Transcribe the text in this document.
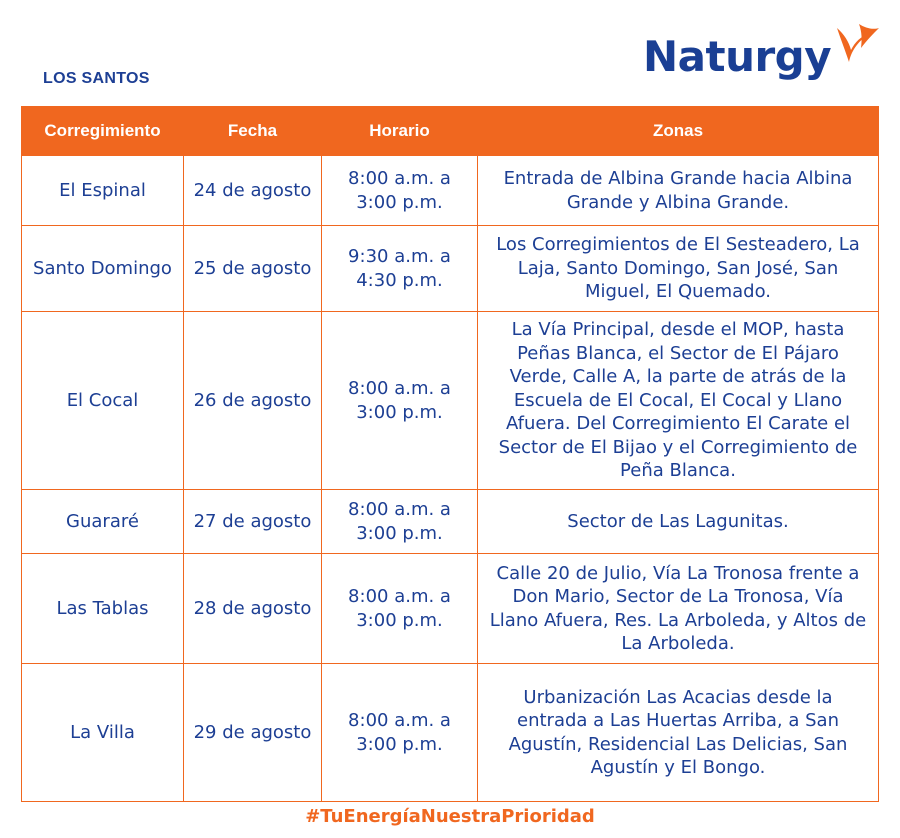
LOS SANTOS	Naturgy
Corregimiento	Fecha	Horario	Zonas
El Espinal	24 de agosto	8:00 a.m. a 3:00 p.m.	Entrada de Albina Grande hacia Albina Grande y Albina Grande.
Santo Domingo	25 de agosto	9:30 a.m. a 4:30 p.m.	Los Corregimientos de El Sesteadero, La Laja, Santo Domingo, San José, San Miguel, El Quemado.
El Cocal	26 de agosto	8:00 a.m. a 3:00 p.m.	La Vía Principal, desde el MOP, hasta Peñas Blanca, el Sector de El Pájaro Verde, Calle A, la parte de atrás de la Escuela de El Cocal, El Cocal y Llano Afuera. Del Corregimiento El Carate el Sector de El Bijao y el Corregimiento de Peña Blanca.
Guararé	27 de agosto	8:00 a.m. a 3:00 p.m.	Sector de Las Lagunitas.
Las Tablas	28 de agosto	8:00 a.m. a 3:00 p.m.	Calle 20 de Julio, Vía La Tronosa frente a Don Mario, Sector de La Tronosa, Vía Llano Afuera, Res. La Arboleda, y Altos de La Arboleda.
La Villa	29 de agosto	8:00 a.m. a 3:00 p.m.	Urbanización Las Acacias desde la entrada a Las Huertas Arriba, a San Agustín, Residencial Las Delicias, San Agustín y El Bongo.
#TuEnergíaNuestraPrioridad
